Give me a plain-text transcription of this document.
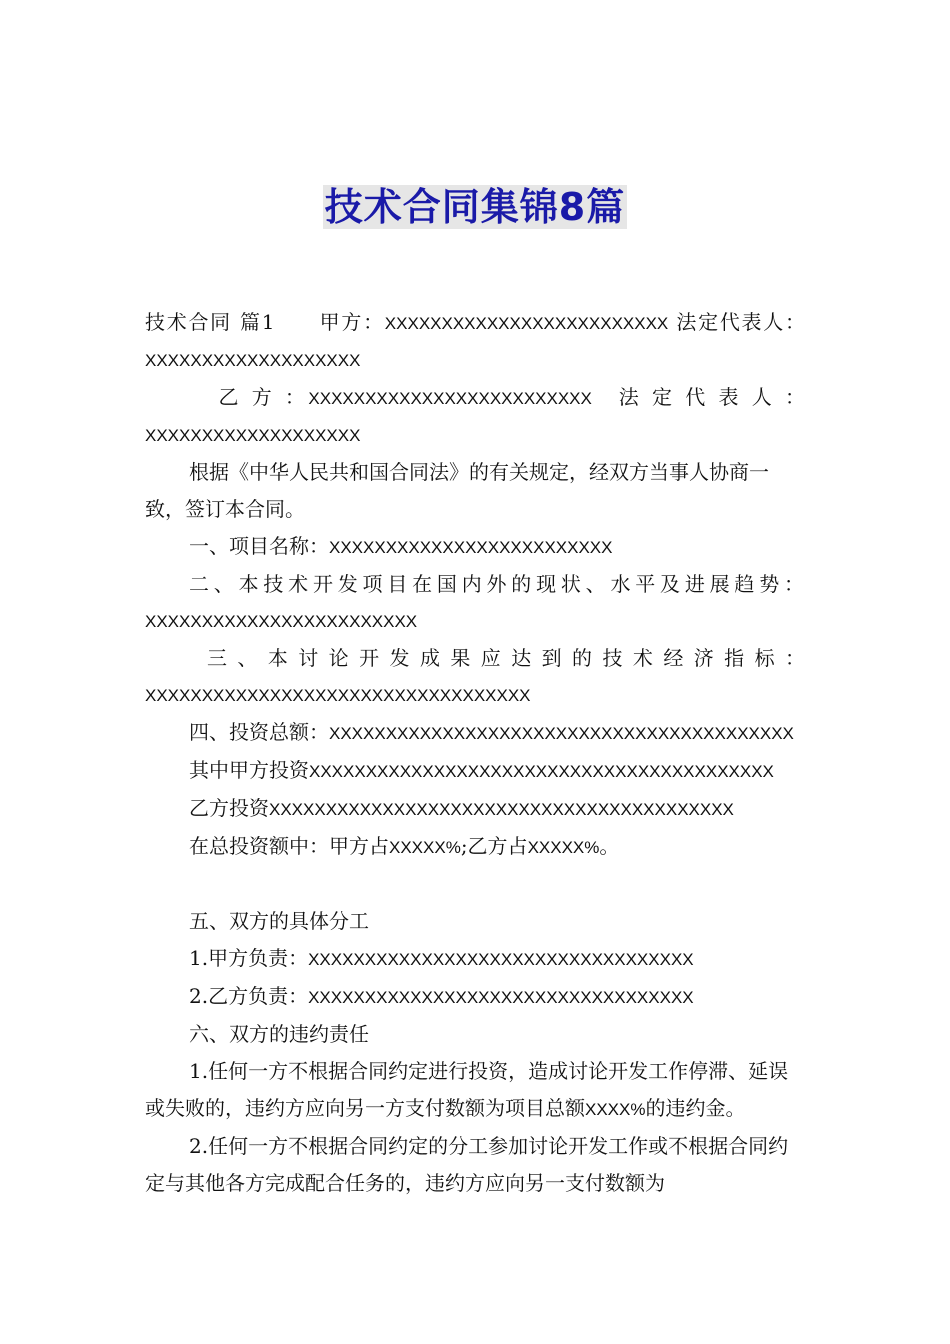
技术合同集锦8篇

技术合同 篇1　　甲方：XXXXXXXXXXXXXXXXXXXXXXXXX 法定代表人：

XXXXXXXXXXXXXXXXXXX

　乙 方 ：XXXXXXXXXXXXXXXXXXXXXXXXX　法 定 代 表 人 ：

XXXXXXXXXXXXXXXXXXX

根据《中华人民共和国合同法》的有关规定，经双方当事人协商一致，签订本合同。

一、项目名称：XXXXXXXXXXXXXXXXXXXXXXXXX

二、本技术开发项目在国内外的现状、水平及进展趋势：

XXXXXXXXXXXXXXXXXXXXXXXX

三、本讨论开发成果应达到的技术经济指标：

XXXXXXXXXXXXXXXXXXXXXXXXXXXXXXXXXX

四、投资总额：XXXXXXXXXXXXXXXXXXXXXXXXXXXXXXXXXXXXXXXXX

其中甲方投资XXXXXXXXXXXXXXXXXXXXXXXXXXXXXXXXXXXXXXXXX

乙方投资XXXXXXXXXXXXXXXXXXXXXXXXXXXXXXXXXXXXXXXXX

在总投资额中：甲方占XXXXX%;乙方占XXXXX%。

五、双方的具体分工

1.甲方负责：XXXXXXXXXXXXXXXXXXXXXXXXXXXXXXXXXX

2.乙方负责：XXXXXXXXXXXXXXXXXXXXXXXXXXXXXXXXXX

六、双方的违约责任

1.任何一方不根据合同约定进行投资，造成讨论开发工作停滞、延误或失败的，违约方应向另一方支付数额为项目总额XXXX%的违约金。

2.任何一方不根据合同约定的分工参加讨论开发工作或不根据合同约定与其他各方完成配合任务的，违约方应向另一支付数额为
